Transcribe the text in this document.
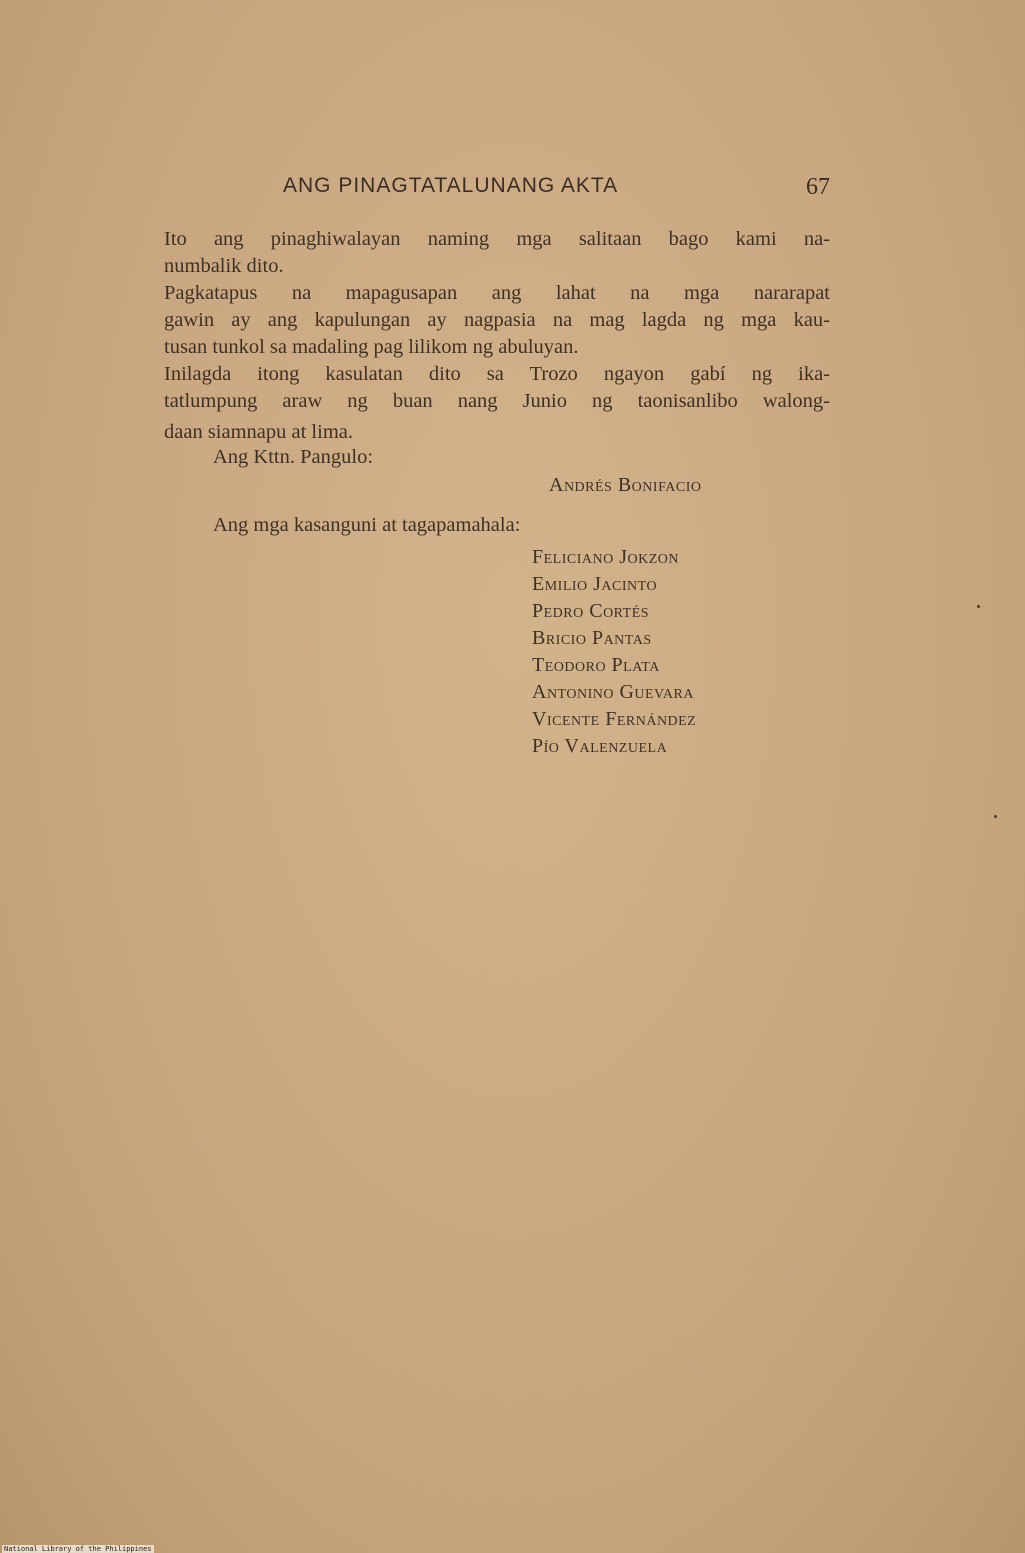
ANG PINAGTATALUNANG AKTA	67
Ito ang pinaghiwalayan naming mga salitaan bago kami na-
numbalik dito.
Pagkatapus na mapagusapan ang lahat na mga nararapat
gawin ay ang kapulungan ay nagpasia na mag lagda ng mga kau-
tusan tunkol sa madaling pag lilikom ng abuluyan.
Inilagda itong kasulatan dito sa Trozo ngayon gabí ng ika-
tatlumpung araw ng buan nang Junio ng taonisanlibo walong-
daan siamnapu at lima.
Ang Kttn. Pangulo:
Andrés Bonifacio
Ang mga kasanguni at tagapamahala:
Feliciano Jokzon
Emilio Jacinto
Pedro Cortés
Bricio Pantas
Teodoro Plata
Antonino Guevara
Vicente Fernández
Pío Valenzuela
National Library of the Philippines
